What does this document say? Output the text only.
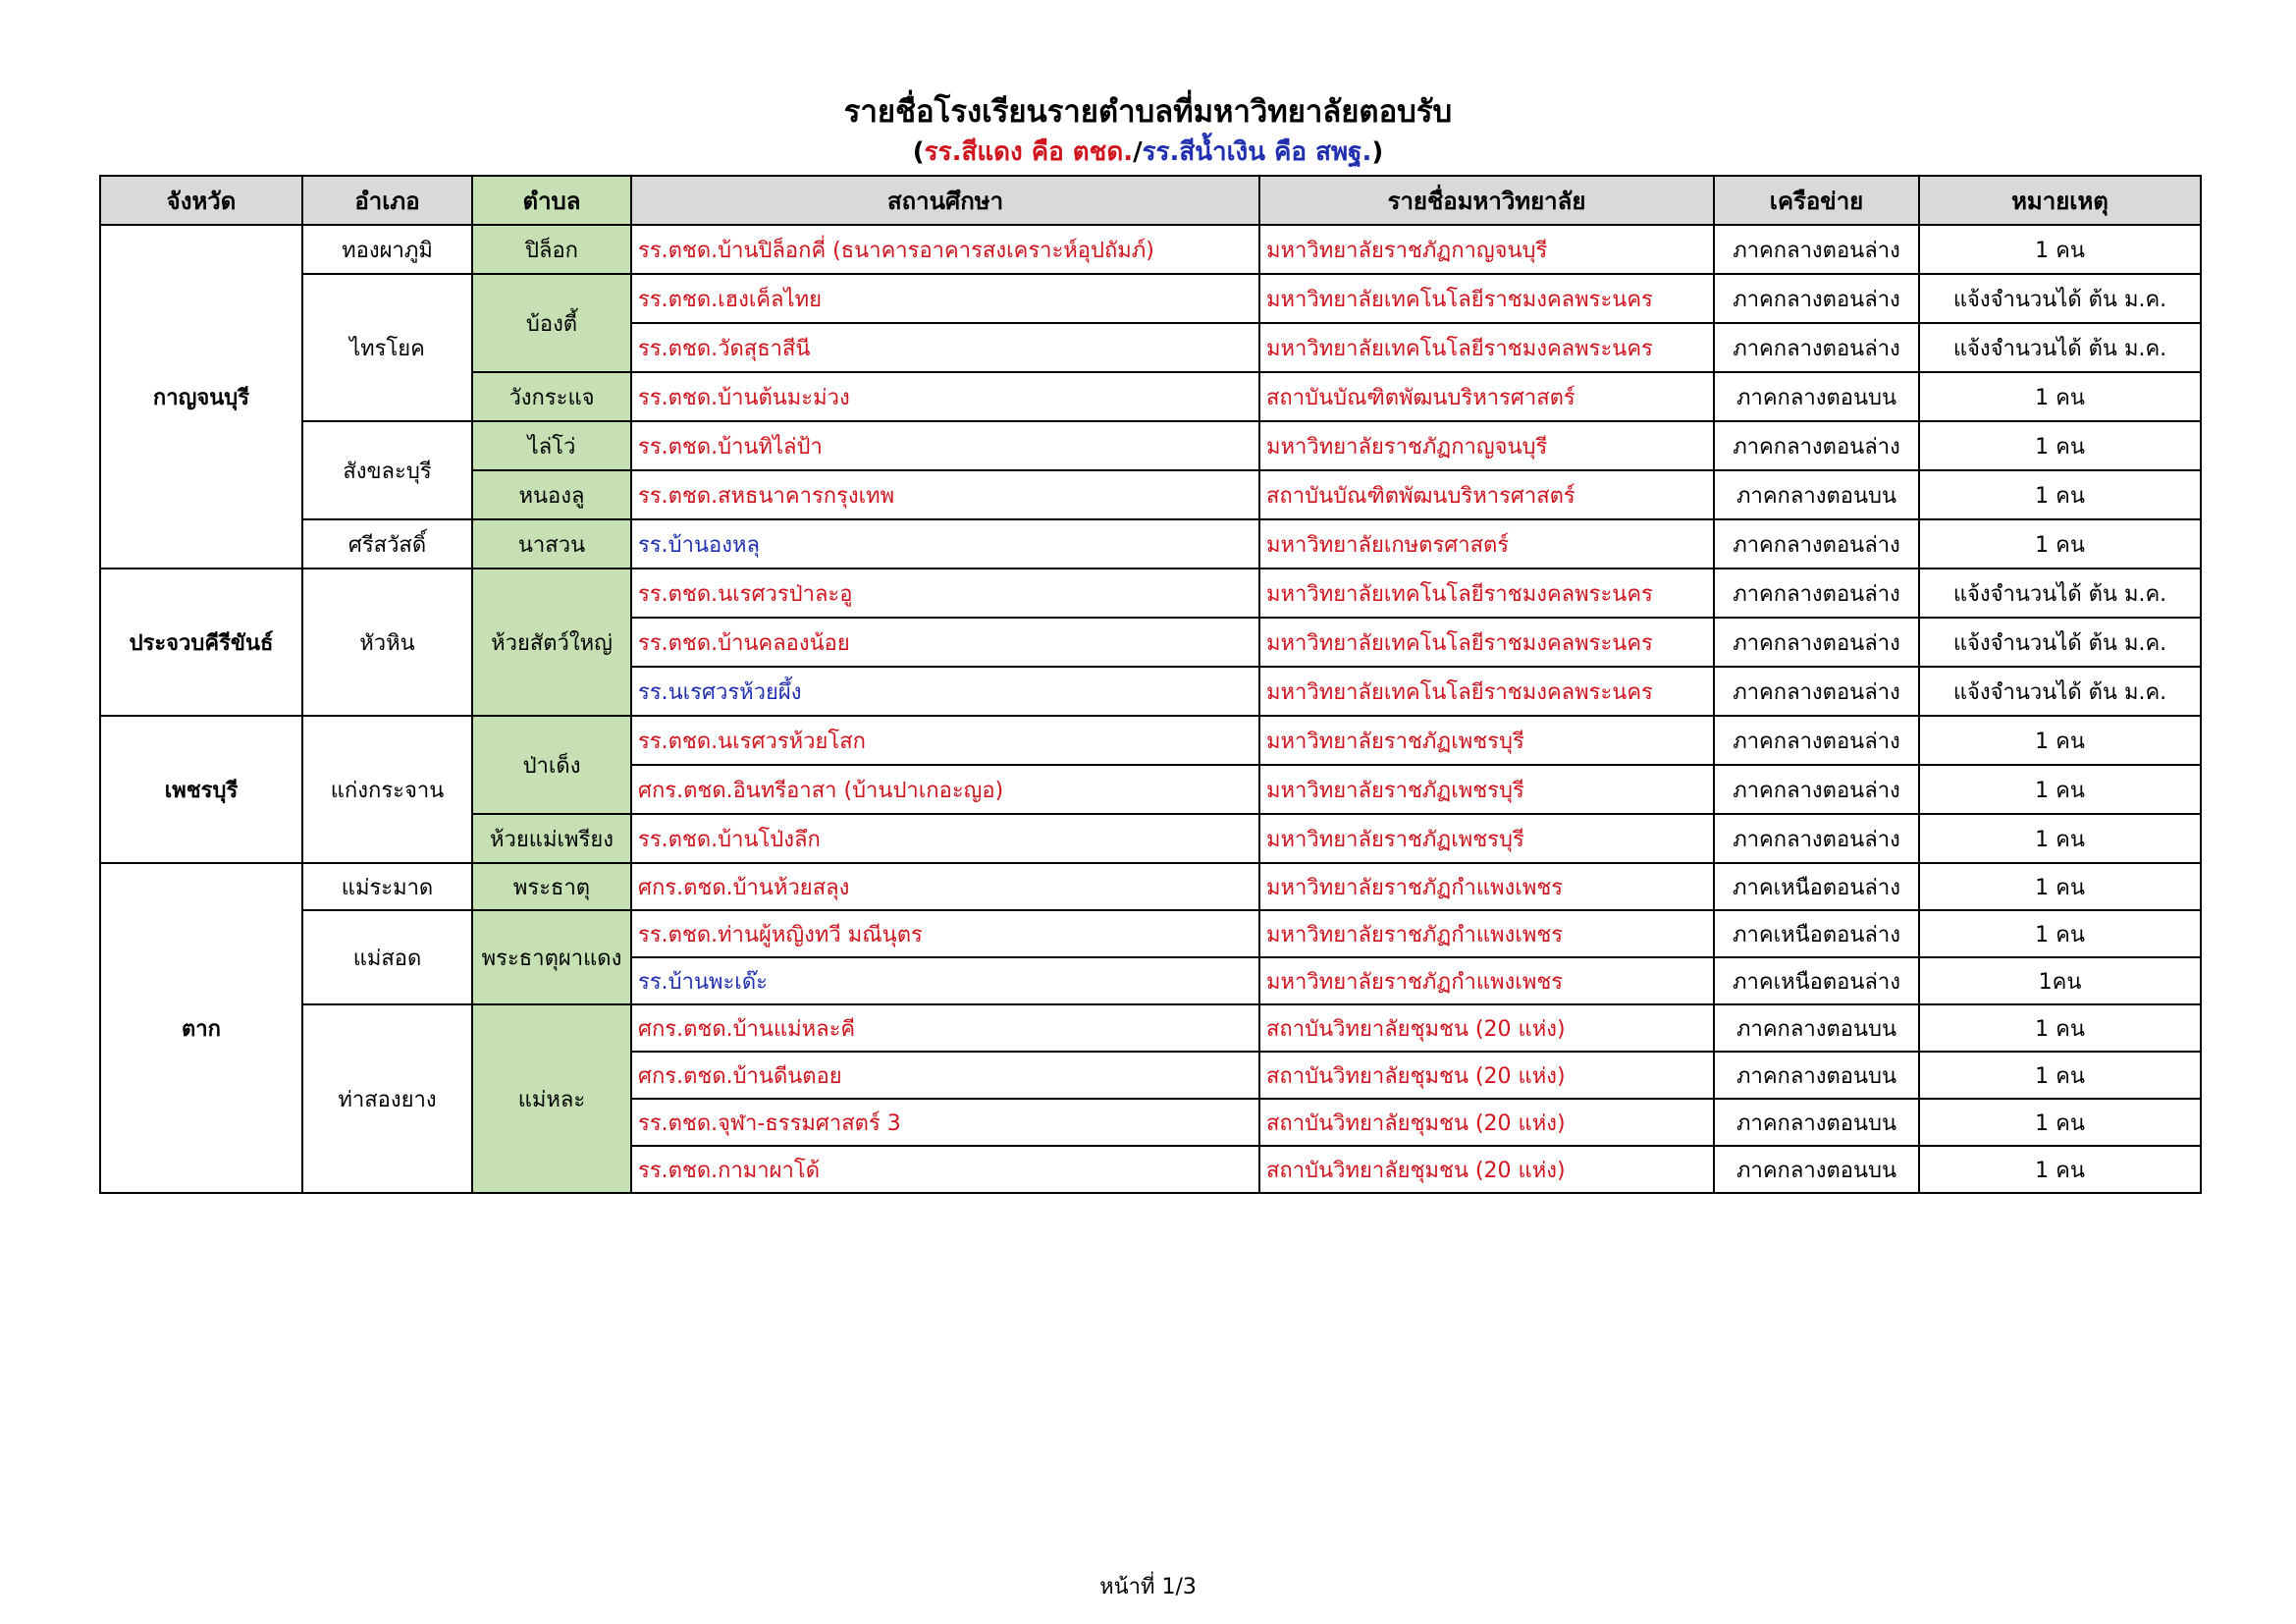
รายชื่อโรงเรียนรายตำบลที่มหาวิทยาลัยตอบรับ
(รร.สีแดง คือ ตชด./รร.สีน้ำเงิน คือ สพฐ.)
จังหวัด	อำเภอ	ตำบล	สถานศึกษา	รายชื่อมหาวิทยาลัย	เครือข่าย	หมายเหตุ
กาญจนบุรี	ทองผาภูมิ	ปิล็อก	รร.ตชด.บ้านปิล็อกคี่ (ธนาคารอาคารสงเคราะห์อุปถัมภ์)	มหาวิทยาลัยราชภัฏกาญจนบุรี	ภาคกลางตอนล่าง	1 คน
	ไทรโยค	บ้องตี้	รร.ตชด.เฮงเค็ลไทย	มหาวิทยาลัยเทคโนโลยีราชมงคลพระนคร	ภาคกลางตอนล่าง	แจ้งจำนวนได้ ต้น ม.ค.
			รร.ตชด.วัดสุธาสีนี	มหาวิทยาลัยเทคโนโลยีราชมงคลพระนคร	ภาคกลางตอนล่าง	แจ้งจำนวนได้ ต้น ม.ค.
		วังกระแจ	รร.ตชด.บ้านต้นมะม่วง	สถาบันบัณฑิตพัฒนบริหารศาสตร์	ภาคกลางตอนบน	1 คน
	สังขละบุรี	ไล่โว่	รร.ตชด.บ้านทิไล่ป้า	มหาวิทยาลัยราชภัฏกาญจนบุรี	ภาคกลางตอนล่าง	1 คน
		หนองลู	รร.ตชด.สหธนาคารกรุงเทพ	สถาบันบัณฑิตพัฒนบริหารศาสตร์	ภาคกลางตอนบน	1 คน
	ศรีสวัสดิ์	นาสวน	รร.บ้านองหลุ	มหาวิทยาลัยเกษตรศาสตร์	ภาคกลางตอนล่าง	1 คน
ประจวบคีรีขันธ์	หัวหิน	ห้วยสัตว์ใหญ่	รร.ตชด.นเรศวรป่าละอู	มหาวิทยาลัยเทคโนโลยีราชมงคลพระนคร	ภาคกลางตอนล่าง	แจ้งจำนวนได้ ต้น ม.ค.
			รร.ตชด.บ้านคลองน้อย	มหาวิทยาลัยเทคโนโลยีราชมงคลพระนคร	ภาคกลางตอนล่าง	แจ้งจำนวนได้ ต้น ม.ค.
			รร.นเรศวรห้วยผึ้ง	มหาวิทยาลัยเทคโนโลยีราชมงคลพระนคร	ภาคกลางตอนล่าง	แจ้งจำนวนได้ ต้น ม.ค.
เพชรบุรี	แก่งกระจาน	ป่าเด็ง	รร.ตชด.นเรศวรห้วยโสก	มหาวิทยาลัยราชภัฏเพชรบุรี	ภาคกลางตอนล่าง	1 คน
			ศกร.ตชด.อินทรีอาสา (บ้านปาเกอะญอ)	มหาวิทยาลัยราชภัฏเพชรบุรี	ภาคกลางตอนล่าง	1 คน
		ห้วยแม่เพรียง	รร.ตชด.บ้านโป่งลึก	มหาวิทยาลัยราชภัฏเพชรบุรี	ภาคกลางตอนล่าง	1 คน
ตาก	แม่ระมาด	พระธาตุ	ศกร.ตชด.บ้านห้วยสลุง	มหาวิทยาลัยราชภัฏกำแพงเพชร	ภาคเหนือตอนล่าง	1 คน
	แม่สอด	พระธาตุผาแดง	รร.ตชด.ท่านผู้หญิงทวี มณีนุตร	มหาวิทยาลัยราชภัฏกำแพงเพชร	ภาคเหนือตอนล่าง	1 คน
			รร.บ้านพะเด๊ะ	มหาวิทยาลัยราชภัฏกำแพงเพชร	ภาคเหนือตอนล่าง	1คน
	ท่าสองยาง	แม่หละ	ศกร.ตชด.บ้านแม่หละคี	สถาบันวิทยาลัยชุมชน (20 แห่ง)	ภาคกลางตอนบน	1 คน
			ศกร.ตชด.บ้านดีนตอย	สถาบันวิทยาลัยชุมชน (20 แห่ง)	ภาคกลางตอนบน	1 คน
			รร.ตชด.จุฬา-ธรรมศาสตร์ 3	สถาบันวิทยาลัยชุมชน (20 แห่ง)	ภาคกลางตอนบน	1 คน
			รร.ตชด.กามาผาโด้	สถาบันวิทยาลัยชุมชน (20 แห่ง)	ภาคกลางตอนบน	1 คน
หน้าที่ 1/3
